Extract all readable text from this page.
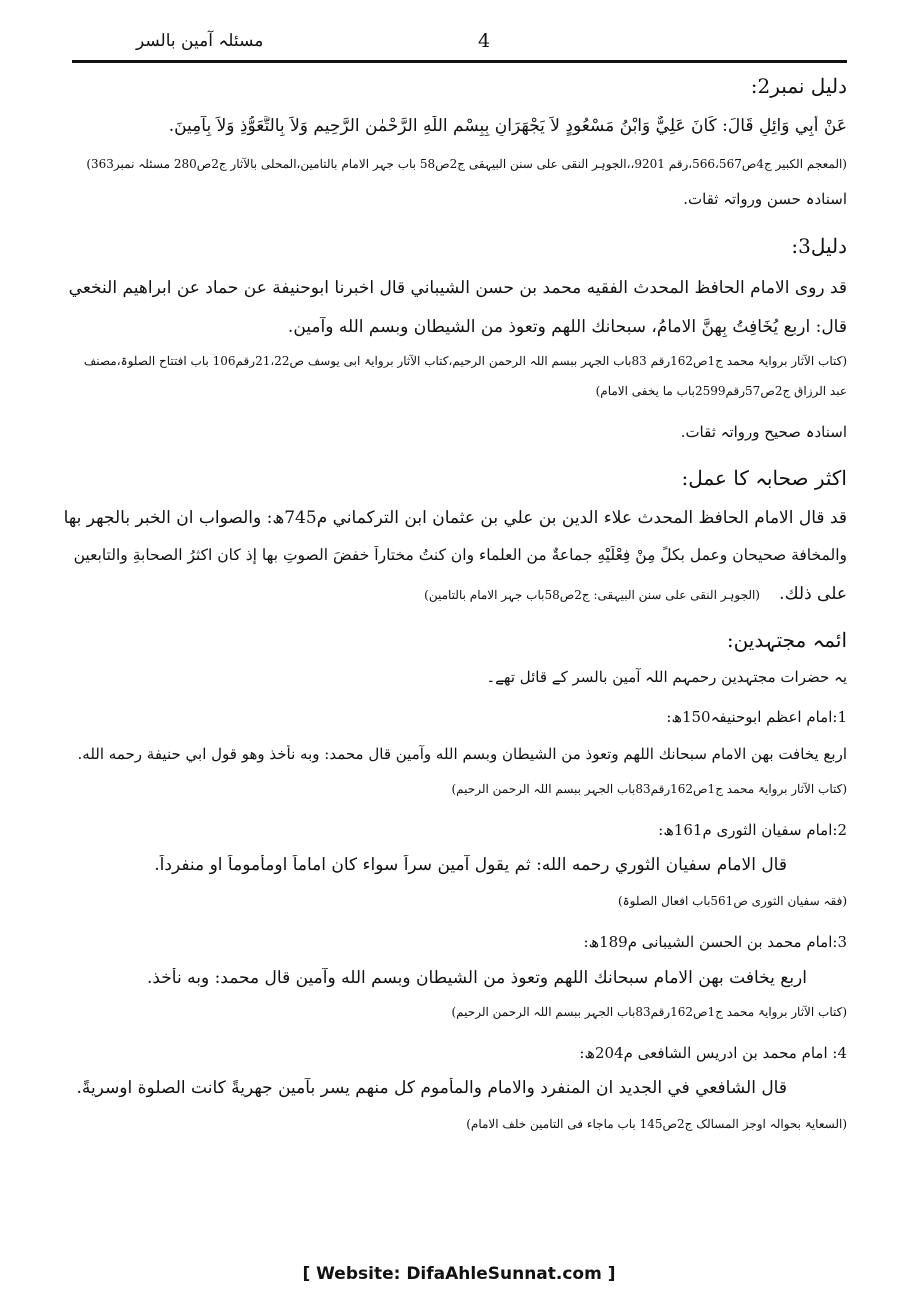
مسئلہ آمین بالسر	4
دلیل نمبر2:
عَنْ أَبِي وَائِلٍ قَالَ: كَانَ عَلِيٌّ وَابْنُ مَسْعُودٍ لاَ يَجْهَرَانِ بِبِسْمِ اللّٰهِ الرَّحْمٰنِ الرَّحِيمِ وَلاَ بِالتَّعَوُّذِ وَلاَ بِآمِينَ.
(المعجم الکبیر ج4ص566،567،رقم 9201،،الجوہر النقی علی سنن البیہقی ج2ص58 باب جہر الامام بالتامین،المحلی بالآثار ج2ص280 مسئلہ نمبر363)
اسنادہ حسن ورواتہ ثقات.
دلیل3:
قد روى الامام الحافظ المحدث الفقيه محمد بن حسن الشيباني قال اخبرنا ابوحنيفة عن حماد عن ابراهيم النخعي
قال: اربع يُخَافِتُ بِهِنَّ الامامُ، سبحانك اللهم وتعوذ من الشيطان وبسم الله وآمين.
(کتاب الآثار بروایۃ محمد ج1ص162رقم 83باب الجہر ببسم اللہ الرحمن الرحیم،کتاب الآثار بروایۃ ابی یوسف ص21،22رقم106 باب افتتاح الصلوۃ،مصنف
عبد الرزاق ج2ص57رقم2599باب ما یخفی الامام)
اسنادہ صحیح ورواتہ ثقات.
اکثر صحابہ کا عمل:
قد قال الامام الحافظ المحدث علاء الدين بن علي بن عثمان ابن التركماني م745ھ: والصواب ان الخبر بالجهر بها
والمخافة صحيحان وعمل بكلٍّ مِنْ فِعْلَيْهِ جماعةٌ من العلماء وان كنتُ مختاراً خفضَ الصوتِ بها إذ كان اكثرُ الصحابةِ والتابعين
على ذلك.
(الجوہر النقی علی سنن البیہقی: ج2ص58باب جہر الامام بالتامین)
ائمہ مجتہدین:
یہ حضرات مجتہدین رحمہم اللہ آمین بالسر کے قائل تھے۔
1:امام اعظم ابوحنیفہ150ھ:
اربع يخافت بهن الامام سبحانك اللهم وتعوذ من الشيطان وبسم الله وآمين قال محمد: وبه نأخذ وهو قول ابي حنيفة رحمه الله.
(کتاب الآثار بروایۃ محمد ج1ص162رقم83باب الجہر ببسم اللہ الرحمن الرحیم)
2:امام سفیان الثوری م161ھ:
قال الامام سفيان الثوري رحمه الله: ثم يقول آمين سراً سواء كان اماماً اومأموماً او منفرداً.
(فقہ سفیان الثوری ص561باب افعال الصلوۃ)
3:امام محمد بن الحسن الشیبانی م189ھ:
اربع يخافت بهن الامام سبحانك اللهم وتعوذ من الشيطان وبسم الله وآمين قال محمد: وبه نأخذ.
(کتاب الآثار بروایۃ محمد ج1ص162رقم83باب الجہر ببسم اللہ الرحمن الرحیم)
4: امام محمد بن ادریس الشافعی م204ھ:
قال الشافعي في الجديد ان المنفرد والامام والمأموم كل منهم يسر بآمين جهريةً كانت الصلوة اوسريةً.
(السعایۃ بحوالہ اوجز المسالک ج2ص145 باب ماجاء فی التامین خلف الامام)
[ Website: DifaAhleSunnat.com ]
